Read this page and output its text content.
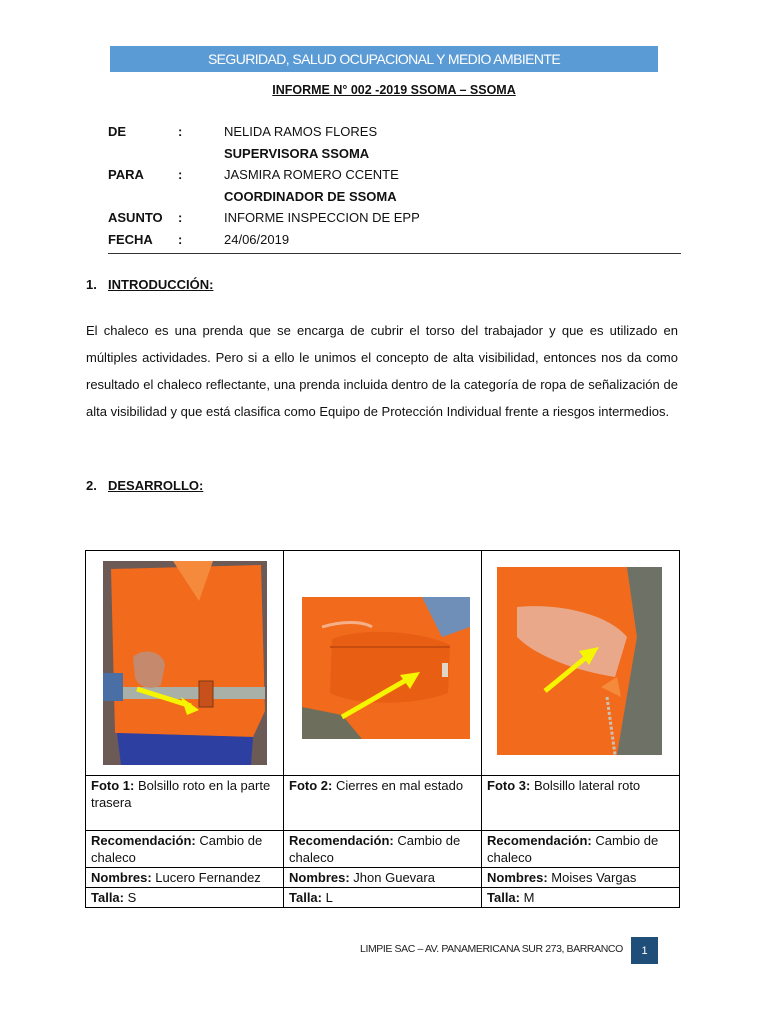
SEGURIDAD, SALUD OCUPACIONAL Y MEDIO AMBIENTE
INFORME N° 002 -2019 SSOMA – SSOMA
DE	:	NELIDA RAMOS FLORES
SUPERVISORA SSOMA
PARA	:	JASMIRA ROMERO CCENTE
COORDINADOR DE SSOMA
ASUNTO :	INFORME INSPECCION DE EPP
FECHA :	24/06/2019
1. INTRODUCCIÓN:
El chaleco es una prenda que se encarga de cubrir el torso del trabajador y que es utilizado en múltiples actividades. Pero si a ello le unimos el concepto de alta visibilidad, entonces nos da como resultado el chaleco reflectante, una prenda incluida dentro de la categoría de ropa de señalización de alta visibilidad y que está clasifica como Equipo de Protección Individual frente a riesgos intermedios.
2. DESARROLLO:

Foto 1: Bolsillo roto en la parte trasera	Foto 2: Cierres en mal estado	Foto 3: Bolsillo lateral roto
Recomendación: Cambio de chaleco	Recomendación: Cambio de chaleco	Recomendación: Cambio de chaleco
Nombres: Lucero Fernandez	Nombres: Jhon Guevara	Nombres: Moises Vargas
Talla: S	Talla: L	Talla: M
LIMPIE SAC – AV. PANAMERICANA SUR 273, BARRANCO	1
